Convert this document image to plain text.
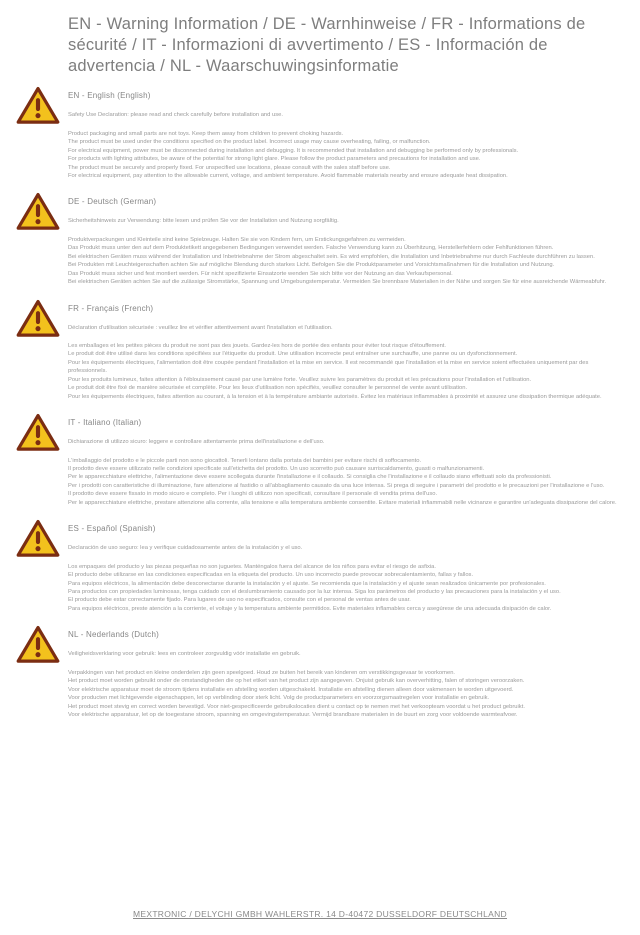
EN - Warning Information / DE - Warnhinweise / FR - Informations de sécurité / IT - Informazioni di avvertimento / ES - Información de advertencia / NL - Waarschuwingsinformatie
EN - English (English)

Safety Use Declaration: please read and check carefully before installation and use.

Product packaging and small parts are not toys. Keep them away from children to prevent choking hazards.

The product must be used under the conditions specified on the product label. Incorrect usage may cause overheating, failing, or malfunction.

For electrical equipment, power must be disconnected during installation and debugging. It is recommended that installation and debugging be performed only by professionals.

For products with lighting attributes, be aware of the potential for strong light glare. Please follow the product parameters and precautions for installation and use.

The product must be securely and properly fixed. For unspecified use locations, please consult with the sales staff before use.

For electrical equipment, pay attention to the allowable current, voltage, and ambient temperature. Avoid flammable materials nearby and ensure adequate heat dissipation.

DE - Deutsch (German)

Sicherheitshinweis zur Verwendung: bitte lesen und prüfen Sie vor der Installation und Nutzung sorgfältig.

Produktverpackungen und Kleinteile sind keine Spielzeuge. Halten Sie sie von Kindern fern, um Erstickungsgefahren zu vermeiden.

Das Produkt muss unter den auf dem Produktetikett angegebenen Bedingungen verwendet werden. Falsche Verwendung kann zu Überhitzung, Herstellerfehlern oder Fehlfunktionen führen.

Bei elektrischen Geräten muss während der Installation und Inbetriebnahme der Strom abgeschaltet sein. Es wird empfohlen, die Installation und Inbetriebnahme nur durch Fachleute durchführen zu lassen.

Bei Produkten mit Leuchteigenschaften achten Sie auf mögliche Blendung durch starkes Licht. Befolgen Sie die Produktparameter und Vorsichtsmaßnahmen für die Installation und Nutzung.

Das Produkt muss sicher und fest montiert werden. Für nicht spezifizierte Einsatzorte wenden Sie sich bitte vor der Nutzung an das Verkaufspersonal.

Bei elektrischen Geräten achten Sie auf die zulässige Stromstärke, Spannung und Umgebungstemperatur. Vermeiden Sie brennbare Materialien in der Nähe und sorgen Sie für eine ausreichende Wärmeabfuhr.

FR - Français (French)

Déclaration d'utilisation sécurisée : veuillez lire et vérifier attentivement avant l'installation et l'utilisation.

Les emballages et les petites pièces du produit ne sont pas des jouets. Gardez-les hors de portée des enfants pour éviter tout risque d'étouffement.

Le produit doit être utilisé dans les conditions spécifiées sur l'étiquette du produit. Une utilisation incorrecte peut entraîner une surchauffe, une panne ou un dysfonctionnement.

Pour les équipements électriques, l'alimentation doit être coupée pendant l'installation et la mise en service. Il est recommandé que l'installation et la mise en service soient effectuées uniquement par des professionnels.

Pour les produits lumineux, faites attention à l'éblouissement causé par une lumière forte. Veuillez suivre les paramètres du produit et les précautions pour l'installation et l'utilisation.

Le produit doit être fixé de manière sécurisée et complète. Pour les lieux d'utilisation non spécifiés, veuillez consulter le personnel de vente avant utilisation.

Pour les équipements électriques, faites attention au courant, à la tension et à la température ambiante autorisés. Évitez les matériaux inflammables à proximité et assurez une dissipation thermique adéquate.

IT - Italiano (Italian)

Dichiarazione di utilizzo sicuro: leggere e controllare attentamente prima dell'installazione e dell'uso.

L'imballaggio del prodotto e le piccole parti non sono giocattoli. Tenerli lontano dalla portata dei bambini per evitare rischi di soffocamento.

Il prodotto deve essere utilizzato nelle condizioni specificate sull'etichetta del prodotto. Un uso scorretto può causare surriscaldamento, guasti o malfunzionamenti.

Per le apparecchiature elettriche, l'alimentazione deve essere scollegata durante l'installazione e il collaudo. Si consiglia che l'installazione e il collaudo siano effettuati solo da professionisti.

Per i prodotti con caratteristiche di illuminazione, fare attenzione al fastidio o all'abbagliamento causato da una luce intensa. Si prega di seguire i parametri del prodotto e le precauzioni per l'installazione e l'uso.

Il prodotto deve essere fissato in modo sicuro e completo. Per i luoghi di utilizzo non specificati, consultare il personale di vendita prima dell'uso.

Per le apparecchiature elettriche, prestare attenzione alla corrente, alla tensione e alla temperatura ambiente consentite. Evitare materiali infiammabili nelle vicinanze e garantire un'adeguata dissipazione del calore.

ES - Español (Spanish)

Declaración de uso seguro: lea y verifique cuidadosamente antes de la instalación y el uso.

Los empaques del producto y las piezas pequeñas no son juguetes. Manténgalos fuera del alcance de los niños para evitar el riesgo de asfixia.

El producto debe utilizarse en las condiciones especificadas en la etiqueta del producto. Un uso incorrecto puede provocar sobrecalentamiento, fallas y fallos.

Para equipos eléctricos, la alimentación debe desconectarse durante la instalación y el ajuste. Se recomienda que la instalación y el ajuste sean realizados únicamente por profesionales.

Para productos con propiedades luminosas, tenga cuidado con el deslumbramiento causado por la luz intensa. Siga los parámetros del producto y las precauciones para la instalación y el uso.

El producto debe estar correctamente fijado. Para lugares de uso no especificados, consulte con el personal de ventas antes de usar.

Para equipos eléctricos, preste atención a la corriente, el voltaje y la temperatura ambiente permitidos. Evite materiales inflamables cerca y asegúrese de una adecuada disipación de calor.

NL - Nederlands (Dutch)

Veiligheidsverklaring voor gebruik: lees en controleer zorgvuldig vóór installatie en gebruik.

Verpakkingen van het product en kleine onderdelen zijn geen speelgoed. Houd ze buiten het bereik van kinderen om verstikkingsgevaar te voorkomen.

Het product moet worden gebruikt onder de omstandigheden die op het etiket van het product zijn aangegeven. Onjuist gebruik kan oververhitting, falen of storingen veroorzaken.

Voor elektrische apparatuur moet de stroom tijdens installatie en afstelling worden uitgeschakeld. Installatie en afstelling dienen alleen door vakmensen te worden uitgevoerd.

Voor producten met lichtgevende eigenschappen, let op verblinding door sterk licht. Volg de productparameters en voorzorgsmaatregelen voor installatie en gebruik.

Het product moet stevig en correct worden bevestigd. Voor niet-gespecificeerde gebruikslocaties dient u contact op te nemen met het verkoopteam voordat u het product gebruikt.

Voor elektrische apparatuur, let op de toegestane stroom, spanning en omgevingstemperatuur. Vermijd brandbare materialen in de buurt en zorg voor voldoende warmteafvoer.

MEXTRONIC / DELYCHI GMBH WAHLERSTR. 14 D-40472 DUSSELDORF DEUTSCHLAND
